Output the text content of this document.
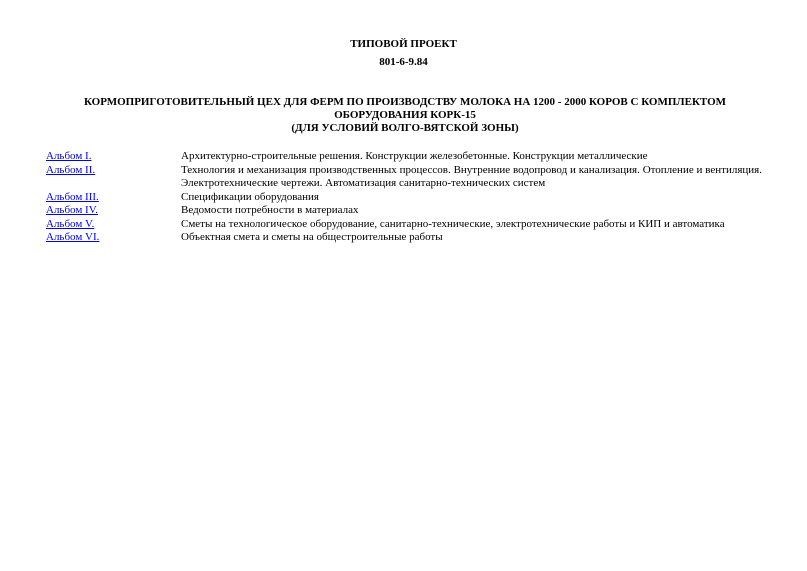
ТИПОВОЙ ПРОЕКТ
801-6-9.84
КОРМОПРИГОТОВИТЕЛЬНЫЙ ЦЕХ ДЛЯ ФЕРМ ПО ПРОИЗВОДСТВУ МОЛОКА НА 1200 - 2000 КОРОВ С КОМПЛЕКТОМ
ОБОРУДОВАНИЯ КОРК-15
(ДЛЯ УСЛОВИЙ ВОЛГО-ВЯТСКОЙ ЗОНЫ)
Альбом I.	Архитектурно-строительные решения. Конструкции железобетонные. Конструкции металлические
Альбом II.	Технология и механизация производственных процессов. Внутренние водопровод и канализация. Отопление и вентиляция. Электротехнические чертежи. Автоматизация санитарно-технических систем
Альбом III.	Спецификации оборудования
Альбом IV.	Ведомости потребности в материалах
Альбом V.	Сметы на технологическое оборудование, санитарно-технические, электротехнические работы и КИП и автоматика
Альбом VI.	Объектная смета и сметы на общестроительные работы
